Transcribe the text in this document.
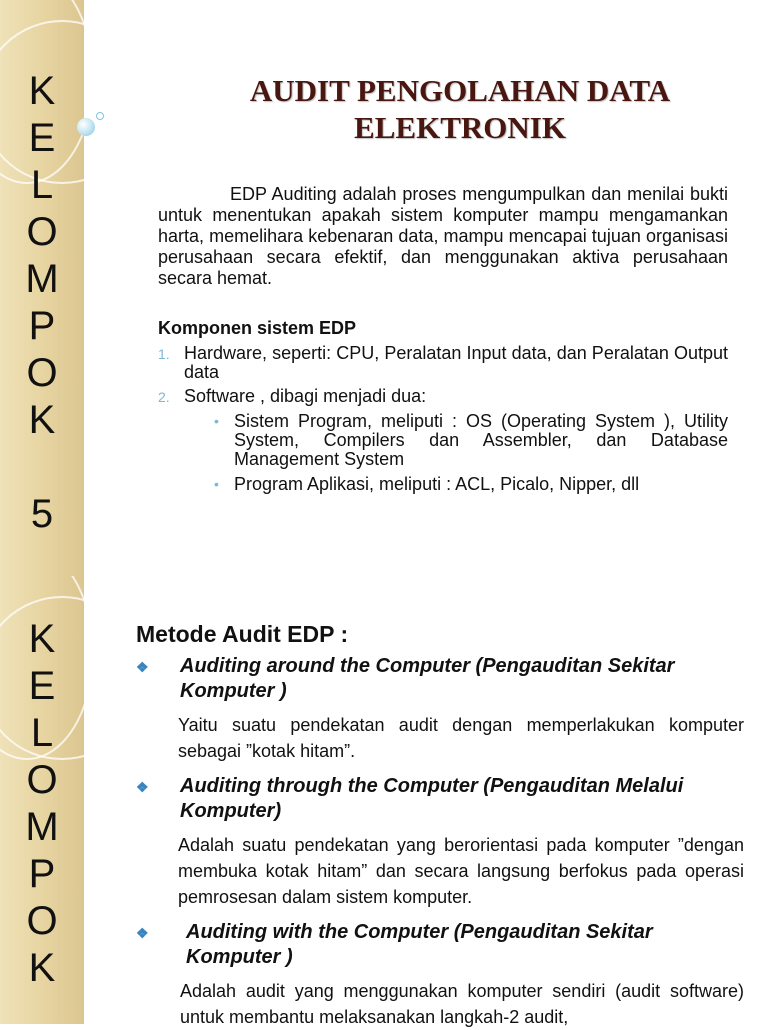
K
E
L
O
M
P
O
K

5
AUDIT PENGOLAHAN DATA ELEKTRONIK
EDP Auditing adalah proses mengumpulkan dan menilai bukti untuk menentukan apakah sistem komputer mampu mengamankan harta, memelihara kebenaran data, mampu mencapai tujuan organisasi perusahaan secara efektif, dan menggunakan aktiva perusahaan secara hemat.
Komponen sistem EDP
1. Hardware, seperti: CPU, Peralatan Input data, dan Peralatan Output data
2. Software , dibagi menjadi dua:
• Sistem Program, meliputi : OS (Operating System ), Utility System, Compilers dan Assembler, dan Database Management System
• Program Aplikasi, meliputi : ACL, Picalo, Nipper, dll
K
E
L
O
M
P
O
K
Metode Audit EDP :
❖ Auditing around the Computer (Pengauditan Sekitar Komputer )
Yaitu suatu pendekatan audit dengan memperlakukan komputer sebagai ”kotak hitam”.
❖ Auditing through the Computer (Pengauditan Melalui Komputer)
Adalah suatu pendekatan yang berorientasi pada komputer ”dengan membuka kotak hitam” dan secara langsung berfokus pada operasi pemrosesan dalam sistem komputer.
❖ Auditing with the Computer (Pengauditan Sekitar Komputer )
Adalah audit yang menggunakan komputer sendiri (audit software) untuk membantu melaksanakan langkah-2 audit,
